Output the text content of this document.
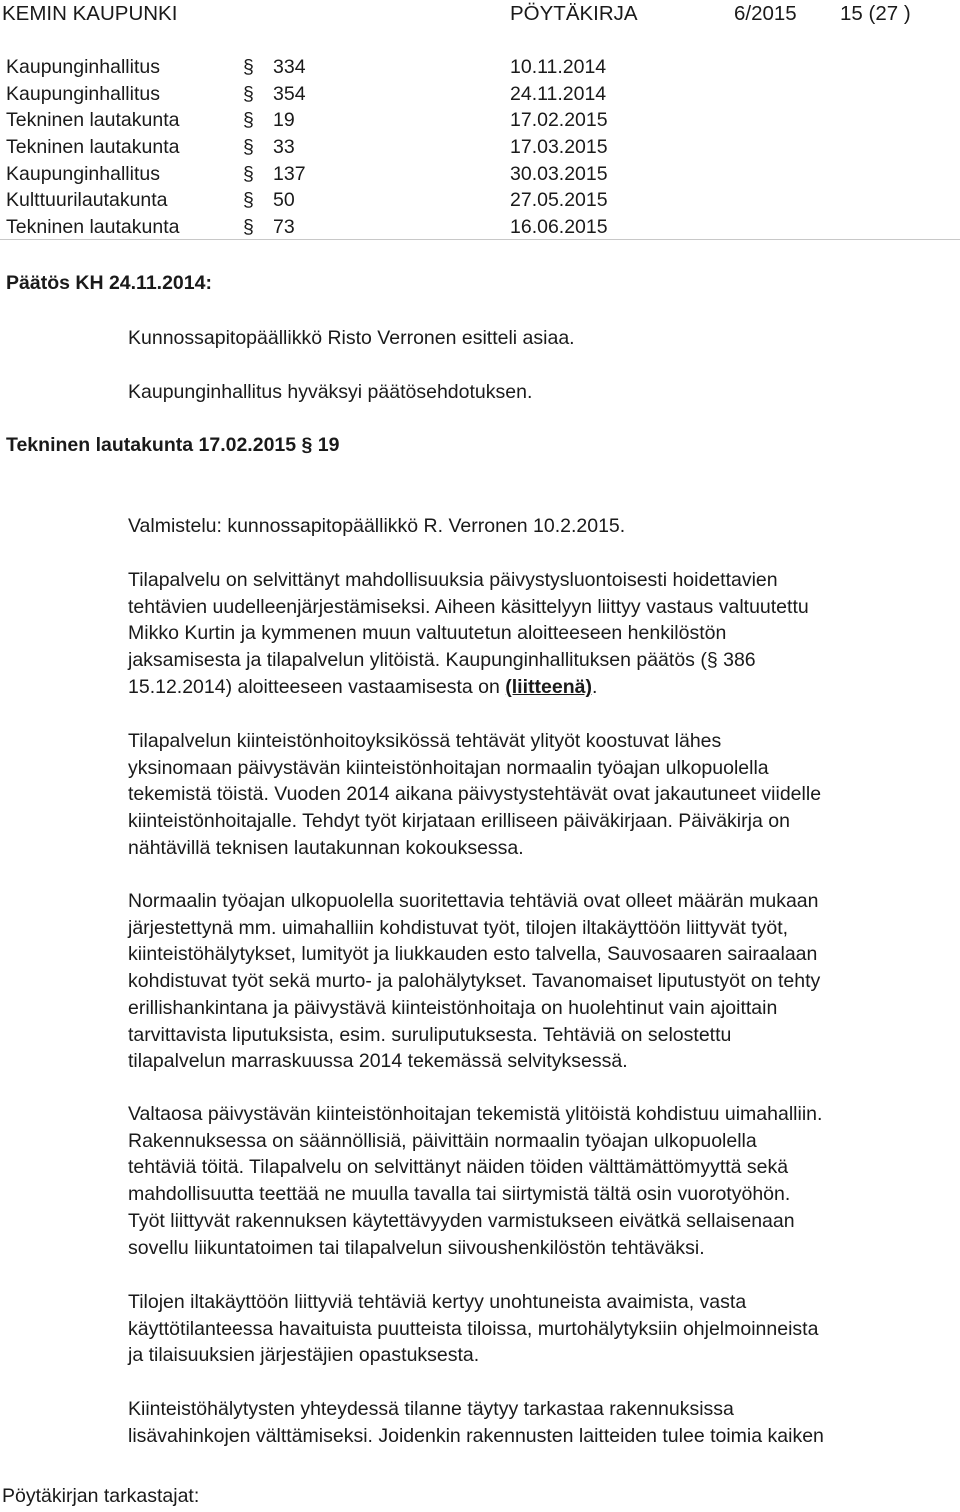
KEMIN KAUPUNKI	PÖYTÄKIRJA	6/2015 15 (27 )
Kaupunginhallitus	§ 334	10.11.2014
Kaupunginhallitus	§ 354	24.11.2014
Tekninen lautakunta	§ 19	17.02.2015
Tekninen lautakunta	§ 33	17.03.2015
Kaupunginhallitus	§ 137	30.03.2015
Kulttuurilautakunta	§ 50	27.05.2015
Tekninen lautakunta	§ 73	16.06.2015
Päätös KH 24.11.2014:
Kunnossapitopäällikkö Risto Verronen esitteli asiaa.
Kaupunginhallitus hyväksyi päätösehdotuksen.
Tekninen lautakunta 17.02.2015 § 19
Valmistelu: kunnossapitopäällikkö R. Verronen 10.2.2015.
Tilapalvelu on selvittänyt mahdollisuuksia päivystysluontoisesti hoidettavien
tehtävien uudelleenjärjestämiseksi. Aiheen käsittelyyn liittyy vastaus valtuutettu
Mikko Kurtin ja kymmenen muun valtuutetun aloitteeseen henkilöstön
jaksamisesta ja tilapalvelun ylitöistä. Kaupunginhallituksen päätös (§ 386
15.12.2014) aloitteeseen vastaamisesta on (liitteenä).
Tilapalvelun kiinteistönhoitoyksikössä tehtävät ylityöt koostuvat lähes
yksinomaan päivystävän kiinteistönhoitajan normaalin työajan ulkopuolella
tekemistä töistä. Vuoden 2014 aikana päivystystehtävät ovat jakautuneet viidelle
kiinteistönhoitajalle. Tehdyt työt kirjataan erilliseen päiväkirjaan. Päiväkirja on
nähtävillä teknisen lautakunnan kokouksessa.
Normaalin työajan ulkopuolella suoritettavia tehtäviä ovat olleet määrän mukaan
järjestettynä mm. uimahalliin kohdistuvat työt, tilojen iltakäyttöön liittyvät työt,
kiinteistöhälytykset, lumityöt ja liukkauden esto talvella, Sauvosaaren sairaalaan
kohdistuvat työt sekä murto- ja palohälytykset. Tavanomaiset liputustyöt on tehty
erillishankintana ja päivystävä kiinteistönhoitaja on huolehtinut vain ajoittain
tarvittavista liputuksista, esim. suruliputuksesta. Tehtäviä on selostettu
tilapalvelun marraskuussa 2014 tekemässä selvityksessä.
Valtaosa päivystävän kiinteistönhoitajan tekemistä ylitöistä kohdistuu uimahalliin.
Rakennuksessa on säännöllisiä, päivittäin normaalin työajan ulkopuolella
tehtäviä töitä. Tilapalvelu on selvittänyt näiden töiden välttämättömyyttä sekä
mahdollisuutta teettää ne muulla tavalla tai siirtymistä tältä osin vuorotyöhön.
Työt liittyvät rakennuksen käytettävyyden varmistukseen eivätkä sellaisenaan
sovellu liikuntatoimen tai tilapalvelun siivoushenkilöstön tehtäväksi.
Tilojen iltakäyttöön liittyviä tehtäviä kertyy unohtuneista avaimista, vasta
käyttötilanteessa havaituista puutteista tiloissa, murtohälytyksiin ohjelmoinneista
ja tilaisuuksien järjestäjien opastuksesta.
Kiinteistöhälytysten yhteydessä tilanne täytyy tarkastaa rakennuksissa
lisävahinkojen välttämiseksi. Joidenkin rakennusten laitteiden tulee toimia kaiken
Pöytäkirjan tarkastajat:
